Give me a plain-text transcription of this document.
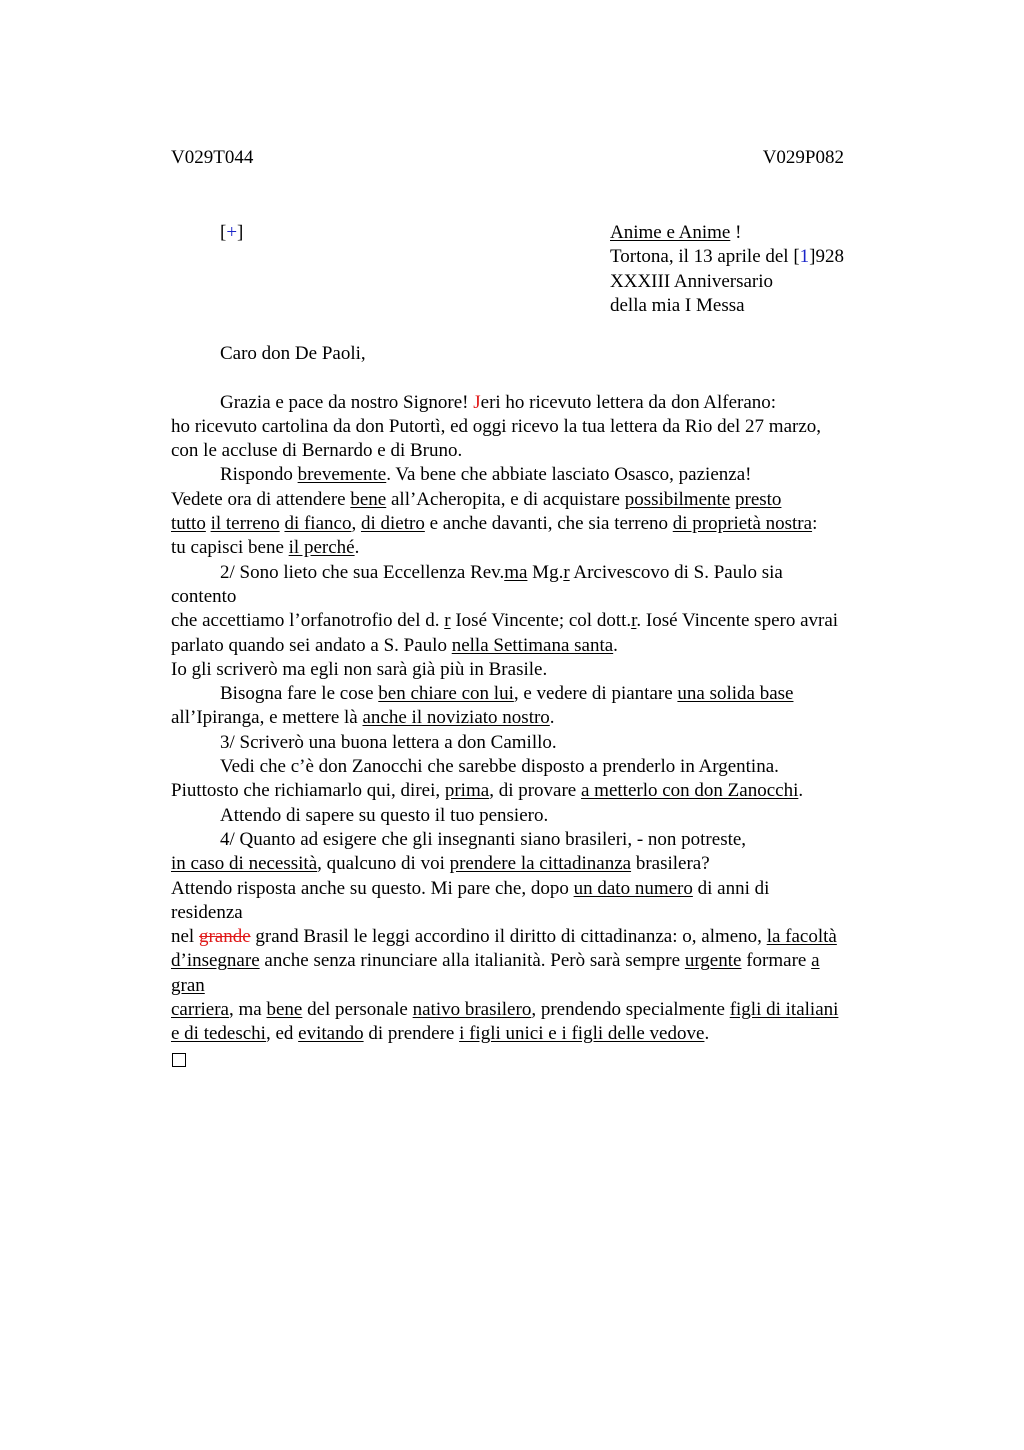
V029T044	V029P082
[+]	Anime e Anime !
Tortona, il 13 aprile del [1]928
XXXIII Anniversario
della mia I Messa
Caro don De Paoli,
Grazia e pace da nostro Signore! Jeri ho ricevuto lettera da don Alferano:
ho ricevuto cartolina da don Putortì, ed oggi ricevo la tua lettera da Rio del 27 marzo,
con le accluse di Bernardo e di Bruno.
Rispondo brevemente. Va bene che abbiate lasciato Osasco, pazienza!
Vedete ora di attendere bene all’Acheropita, e di acquistare possibilmente presto
tutto il terreno di fianco, di dietro e anche davanti, che sia terreno di proprietà nostra:
tu capisci bene il perché.
2/ Sono lieto che sua Eccellenza Rev.ma Mg.r Arcivescovo di S. Paulo sia
contento
che accettiamo l’orfanotrofio del d. r Iosé Vincente; col dott.r. Iosé Vincente spero avrai
parlato quando sei andato a S. Paulo nella Settimana santa.
Io gli scriverò ma egli non sarà già più in Brasile.
Bisogna fare le cose ben chiare con lui, e vedere di piantare una solida base
all’Ipiranga, e mettere là anche il noviziato nostro.
3/ Scriverò una buona lettera a don Camillo.
Vedi che c’è don Zanocchi che sarebbe disposto a prenderlo in Argentina.
Piuttosto che richiamarlo qui, direi, prima, di provare a metterlo con don Zanocchi.
Attendo di sapere su questo il tuo pensiero.
4/ Quanto ad esigere che gli insegnanti siano brasileri, - non potreste,
in caso di necessità, qualcuno di voi prendere la cittadinanza brasilera?
Attendo risposta anche su questo. Mi pare che, dopo un dato numero di anni di
residenza
nel grande grand Brasil le leggi accordino il diritto di cittadinanza: o, almeno, la facoltà
d’insegnare anche senza rinunciare alla italianità. Però sarà sempre urgente formare a
gran
carriera, ma bene del personale nativo brasilero, prendendo specialmente figli di italiani
e di tedeschi, ed evitando di prendere i figli unici e i figli delle vedove.
